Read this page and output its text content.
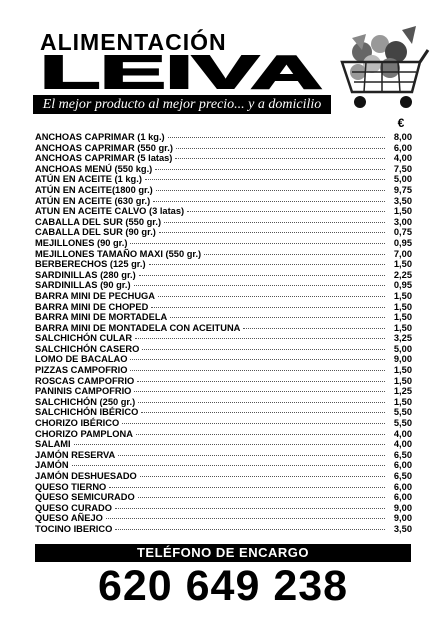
ALIMENTACIÓN
LEIVA
El mejor producto al mejor precio... y a domicilio
€
ANCHOAS CAPRIMAR (1 kg.)	8,00
ANCHOAS CAPRIMAR (550 gr.)	6,00
ANCHOAS CAPRIMAR (5 latas)	4,00
ANCHOAS MENÚ (550 kg.)	7,50
ATÚN EN ACEITE (1 kg.)	5,00
ATÚN EN ACEITE(1800 gr.)	9,75
ATÚN EN ACEITE (630 gr.)	3,50
ATUN EN ACEITE CALVO (3 latas)	1,50
CABALLA DEL SUR (550 gr.)	3,00
CABALLA DEL SUR (90 gr.)	0,75
MEJILLONES (90 gr.)	0,95
MEJILLONES TAMAÑO MAXI (550 gr.)	7,00
BERBERECHOS (125 gr.)	1,50
SARDINILLAS (280 gr.)	2,25
SARDINILLAS (90 gr.)	0,95
BARRA MINI DE PECHUGA	1,50
BARRA MINI DE CHOPED	1,50
BARRA MINI DE MORTADELA	1,50
BARRA MINI DE MONTADELA CON ACEITUNA	1,50
SALCHICHÓN CULAR	3,25
SALCHICHÓN CASERO	5,00
LOMO DE BACALAO	9,00
PIZZAS CAMPOFRIO	1,50
ROSCAS CAMPOFRIO	1,50
PANINIS CAMPOFRIO	1,25
SALCHICHÓN (250 gr.)	1,50
SALCHICHÓN IBÉRICO	5,50
CHORIZO IBÉRICO	5,50
CHORIZO PAMPLONA	4,00
SALAMI	4,00
JAMÓN RESERVA	6,50
JAMÓN	6,00
JAMÓN DESHUESADO	6,50
QUESO TIERNO	6,00
QUESO SEMICURADO	6,00
QUESO CURADO	9,00
QUESO AÑEJO	9,00
TOCINO IBERICO	3,50
TELÉFONO DE ENCARGO
620 649 238
